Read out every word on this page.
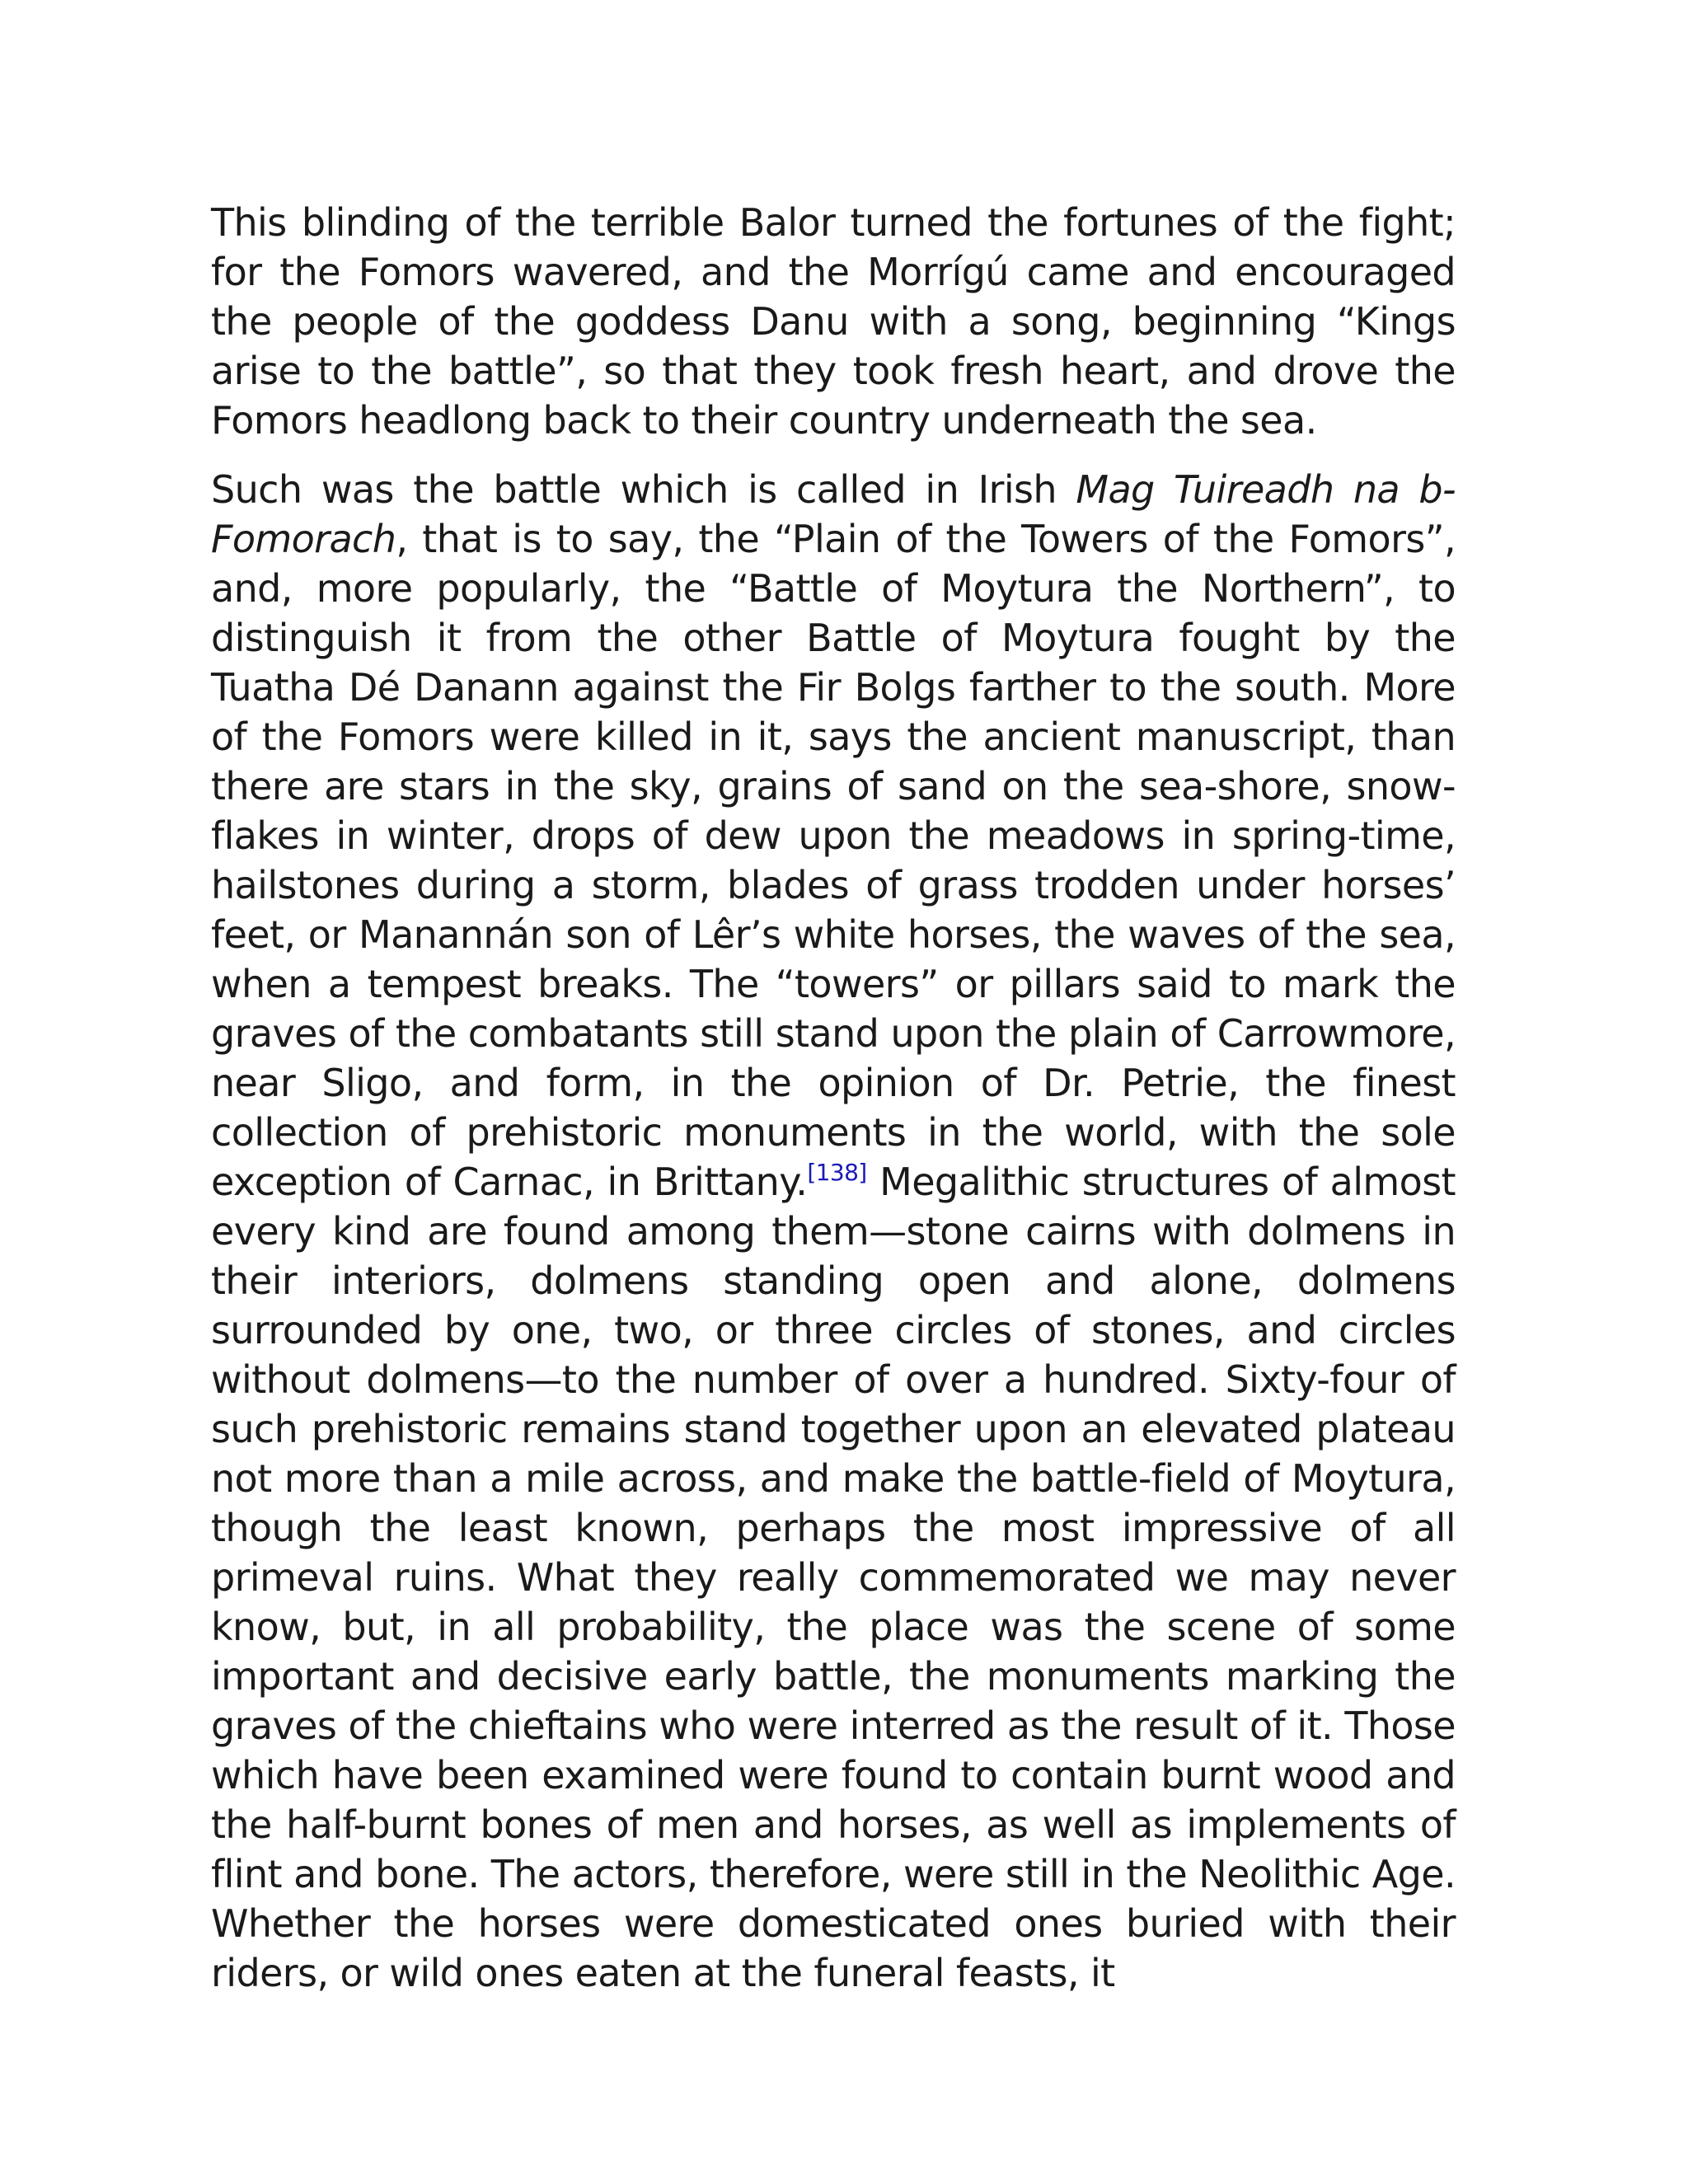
This blinding of the terrible Balor turned the fortunes of the fight; for the Fomors wavered, and the Morrígú came and encouraged the people of the goddess Danu with a song, beginning “Kings arise to the battle”, so that they took fresh heart, and drove the Fomors headlong back to their country underneath the sea.

Such was the battle which is called in Irish Mag Tuireadh na b-Fomorach, that is to say, the “Plain of the Towers of the Fomors”, and, more popularly, the “Battle of Moytura the Northern”, to distinguish it from the other Battle of Moytura fought by the Tuatha Dé Danann against the Fir Bolgs farther to the south. More of the Fomors were killed in it, says the ancient manuscript, than there are stars in the sky, grains of sand on the sea-shore, snow-flakes in winter, drops of dew upon the meadows in spring-time, hailstones during a storm, blades of grass trodden under horses’ feet, or Manannán son of Lêr’s white horses, the waves of the sea, when a tempest breaks. The “towers” or pillars said to mark the graves of the combatants still stand upon the plain of Carrowmore, near Sligo, and form, in the opinion of Dr. Petrie, the finest collection of prehistoric monuments in the world, with the sole exception of Carnac, in Brittany.[138] Megalithic structures of almost every kind are found among them—stone cairns with dolmens in their interiors, dolmens standing open and alone, dolmens surrounded by one, two, or three circles of stones, and circles without dolmens—to the number of over a hundred. Sixty-four of such prehistoric remains stand together upon an elevated plateau not more than a mile across, and make the battle-field of Moytura, though the least known, perhaps the most impressive of all primeval ruins. What they really commemorated we may never know, but, in all probability, the place was the scene of some important and decisive early battle, the monuments marking the graves of the chieftains who were interred as the result of it. Those which have been examined were found to contain burnt wood and the half-burnt bones of men and horses, as well as implements of flint and bone. The actors, therefore, were still in the Neolithic Age. Whether the horses were domesticated ones buried with their riders, or wild ones eaten at the funeral feasts, it
